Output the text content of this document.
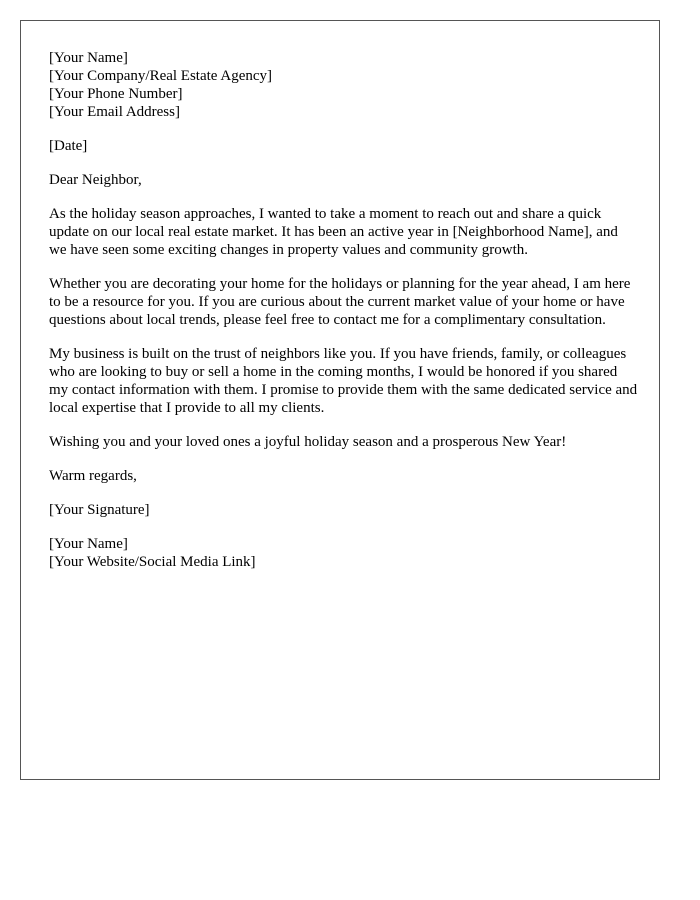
[Your Name]
[Your Company/Real Estate Agency]
[Your Phone Number]
[Your Email Address]

[Date]

Dear Neighbor,

As the holiday season approaches, I wanted to take a moment to reach out and share a quick update on our local real estate market. It has been an active year in [Neighborhood Name], and we have seen some exciting changes in property values and community growth.

Whether you are decorating your home for the holidays or planning for the year ahead, I am here to be a resource for you. If you are curious about the current market value of your home or have questions about local trends, please feel free to contact me for a complimentary consultation.

My business is built on the trust of neighbors like you. If you have friends, family, or colleagues who are looking to buy or sell a home in the coming months, I would be honored if you shared my contact information with them. I promise to provide them with the same dedicated service and local expertise that I provide to all my clients.

Wishing you and your loved ones a joyful holiday season and a prosperous New Year!

Warm regards,

[Your Signature]

[Your Name]
[Your Website/Social Media Link]
